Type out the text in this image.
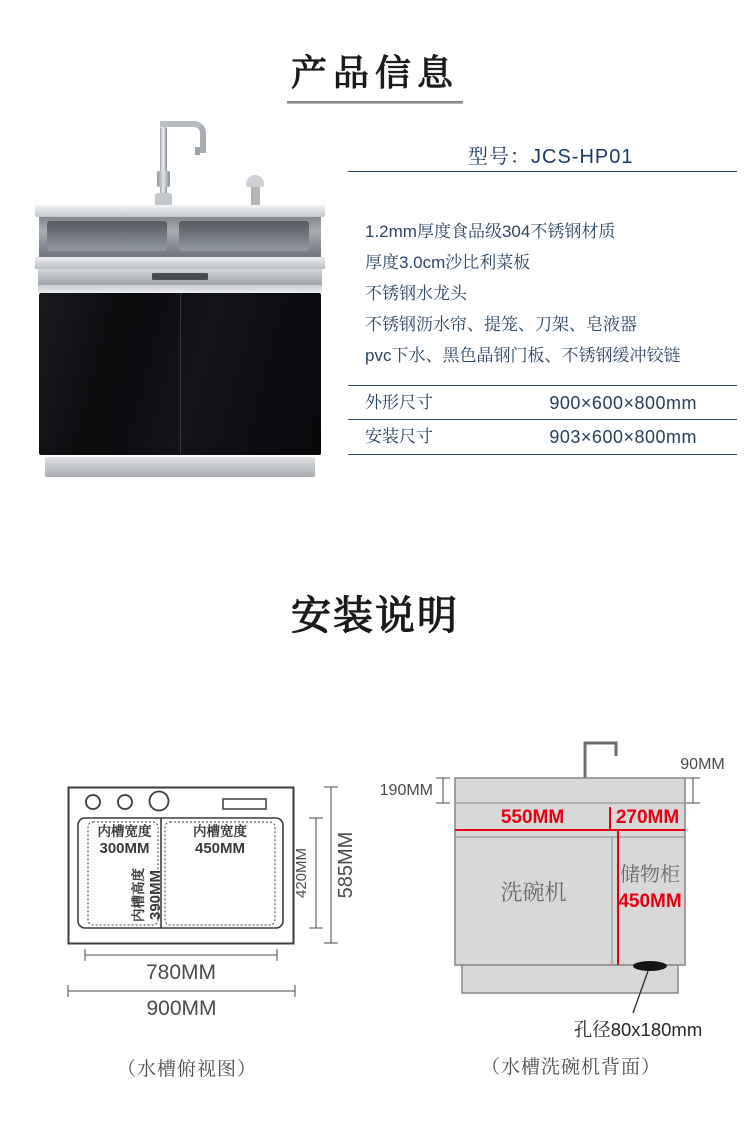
产品信息
型号：JCS-HP01
1.2mm厚度食品级304不锈钢材质
厚度3.0cm沙比利菜板
不锈钢水龙头
不锈钢沥水帘、提笼、刀架、皂液器
pvc下水、黑色晶钢门板、不锈钢缓冲铰链
外形尺寸	900×600×800mm
安装尺寸	903×600×800mm
安装说明
内槽宽度
300MM
内槽高度 390MM
内槽宽度
450MM	420MM 585MM
780MM
900MM
（水槽俯视图）
190MM
90MM
550MM	270MM
洗碗机
储物柜
450MM
孔径80x180mm
（水槽洗碗机背面）
